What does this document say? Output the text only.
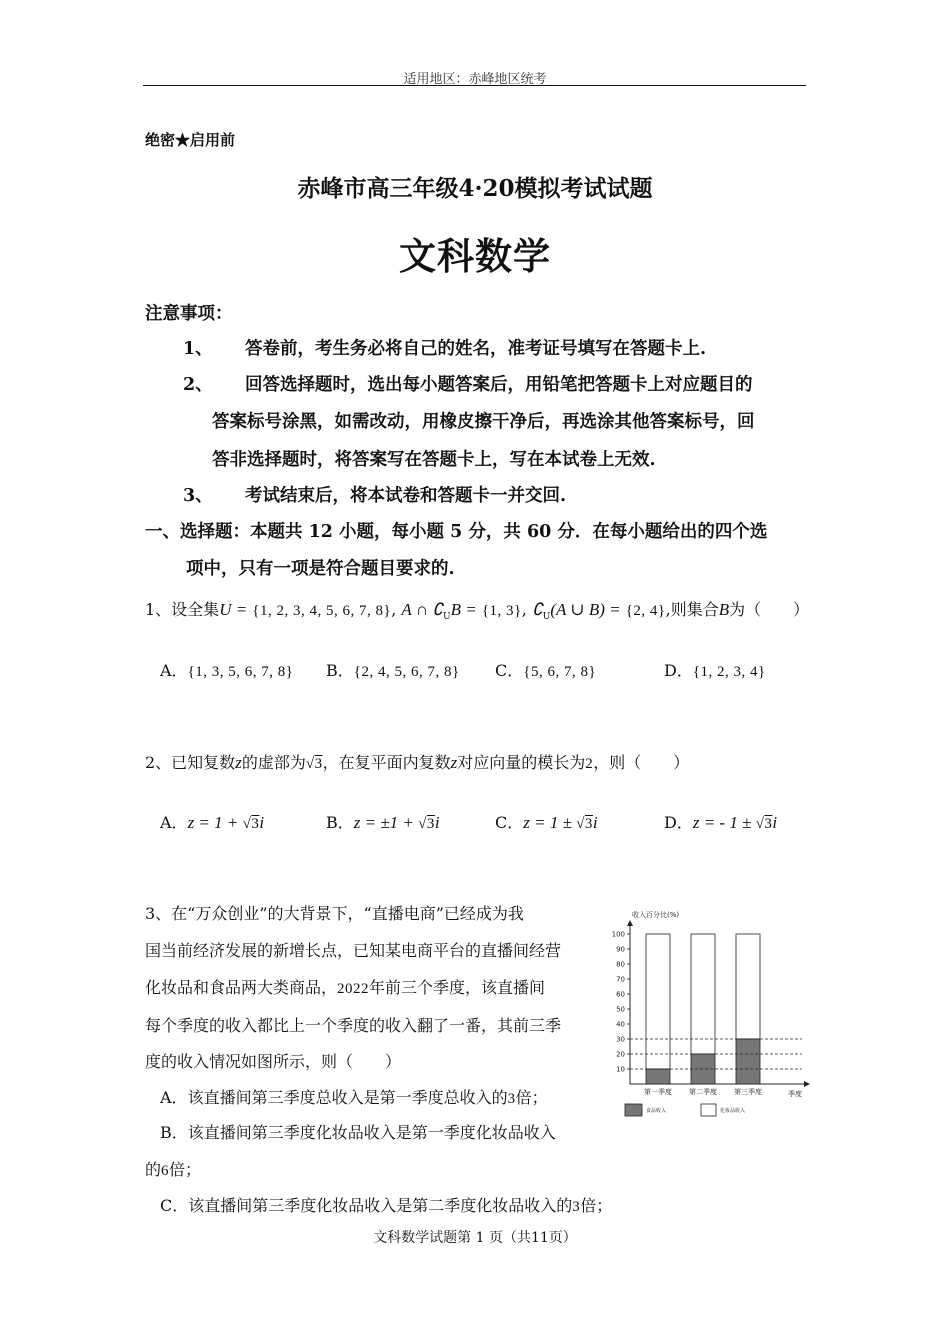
适用地区：赤峰地区统考
绝密★启用前
赤峰市高三年级4·20模拟考试试题
文科数学
注意事项：
1、 答卷前，考生务必将自己的姓名，准考证号填写在答题卡上.
2、 回答选择题时，选出每小题答案后，用铅笔把答题卡上对应题目的
答案标号涂黑，如需改动，用橡皮擦干净后，再选涂其他答案标号，回
答非选择题时，将答案写在答题卡上，写在本试卷上无效.
3、 考试结束后，将本试卷和答题卡一并交回.
一、选择题：本题共 12 小题，每小题 5 分，共 60 分．在每小题给出的四个选
项中，只有一项是符合题目要求的.
1、设全集U = {1, 2, 3, 4, 5, 6, 7, 8}, A ∩ $∁_UB = \{1$, 3}, $∁_U(A$ ∪ B) = {2, 4},则集合B为（　　）
A．{1, 3, 5, 6, 7, 8} B．{2, 4, 5, 6, 7, 8} C．{5, 6, 7, 8}	D．{1, 2, 3, 4}
2、已知复数z的虚部为√3，在复平面内复数z对应向量的模长为2，则（　　）
A．z = 1 + √3i	B．z = ±1 + √3i	C．z = 1 ± √3i	D．z = - 1 ± √3i
3、在“万众创业”的大背景下，“直播电商”已经成为我
国当前经济发展的新增长点，已知某电商平台的直播间经营
化妆品和食品两大类商品，2022年前三个季度，该直播间
每个季度的收入都比上一个季度的收入翻了一番，其前三季
度的收入情况如图所示，则（　　）
A．该直播间第三季度总收入是第一季度总收入的3倍；
B．该直播间第三季度化妆品收入是第一季度化妆品收入
的6倍；
C．该直播间第三季度化妆品收入是第二季度化妆品收入的3倍；
收入百分比(%)
10
20
30
40
50
60
70
80
90
100
第一季度 第二季度 第三季度	季度
食品收入	化妆品收入
文科数学试题第 1 页（共11页）
